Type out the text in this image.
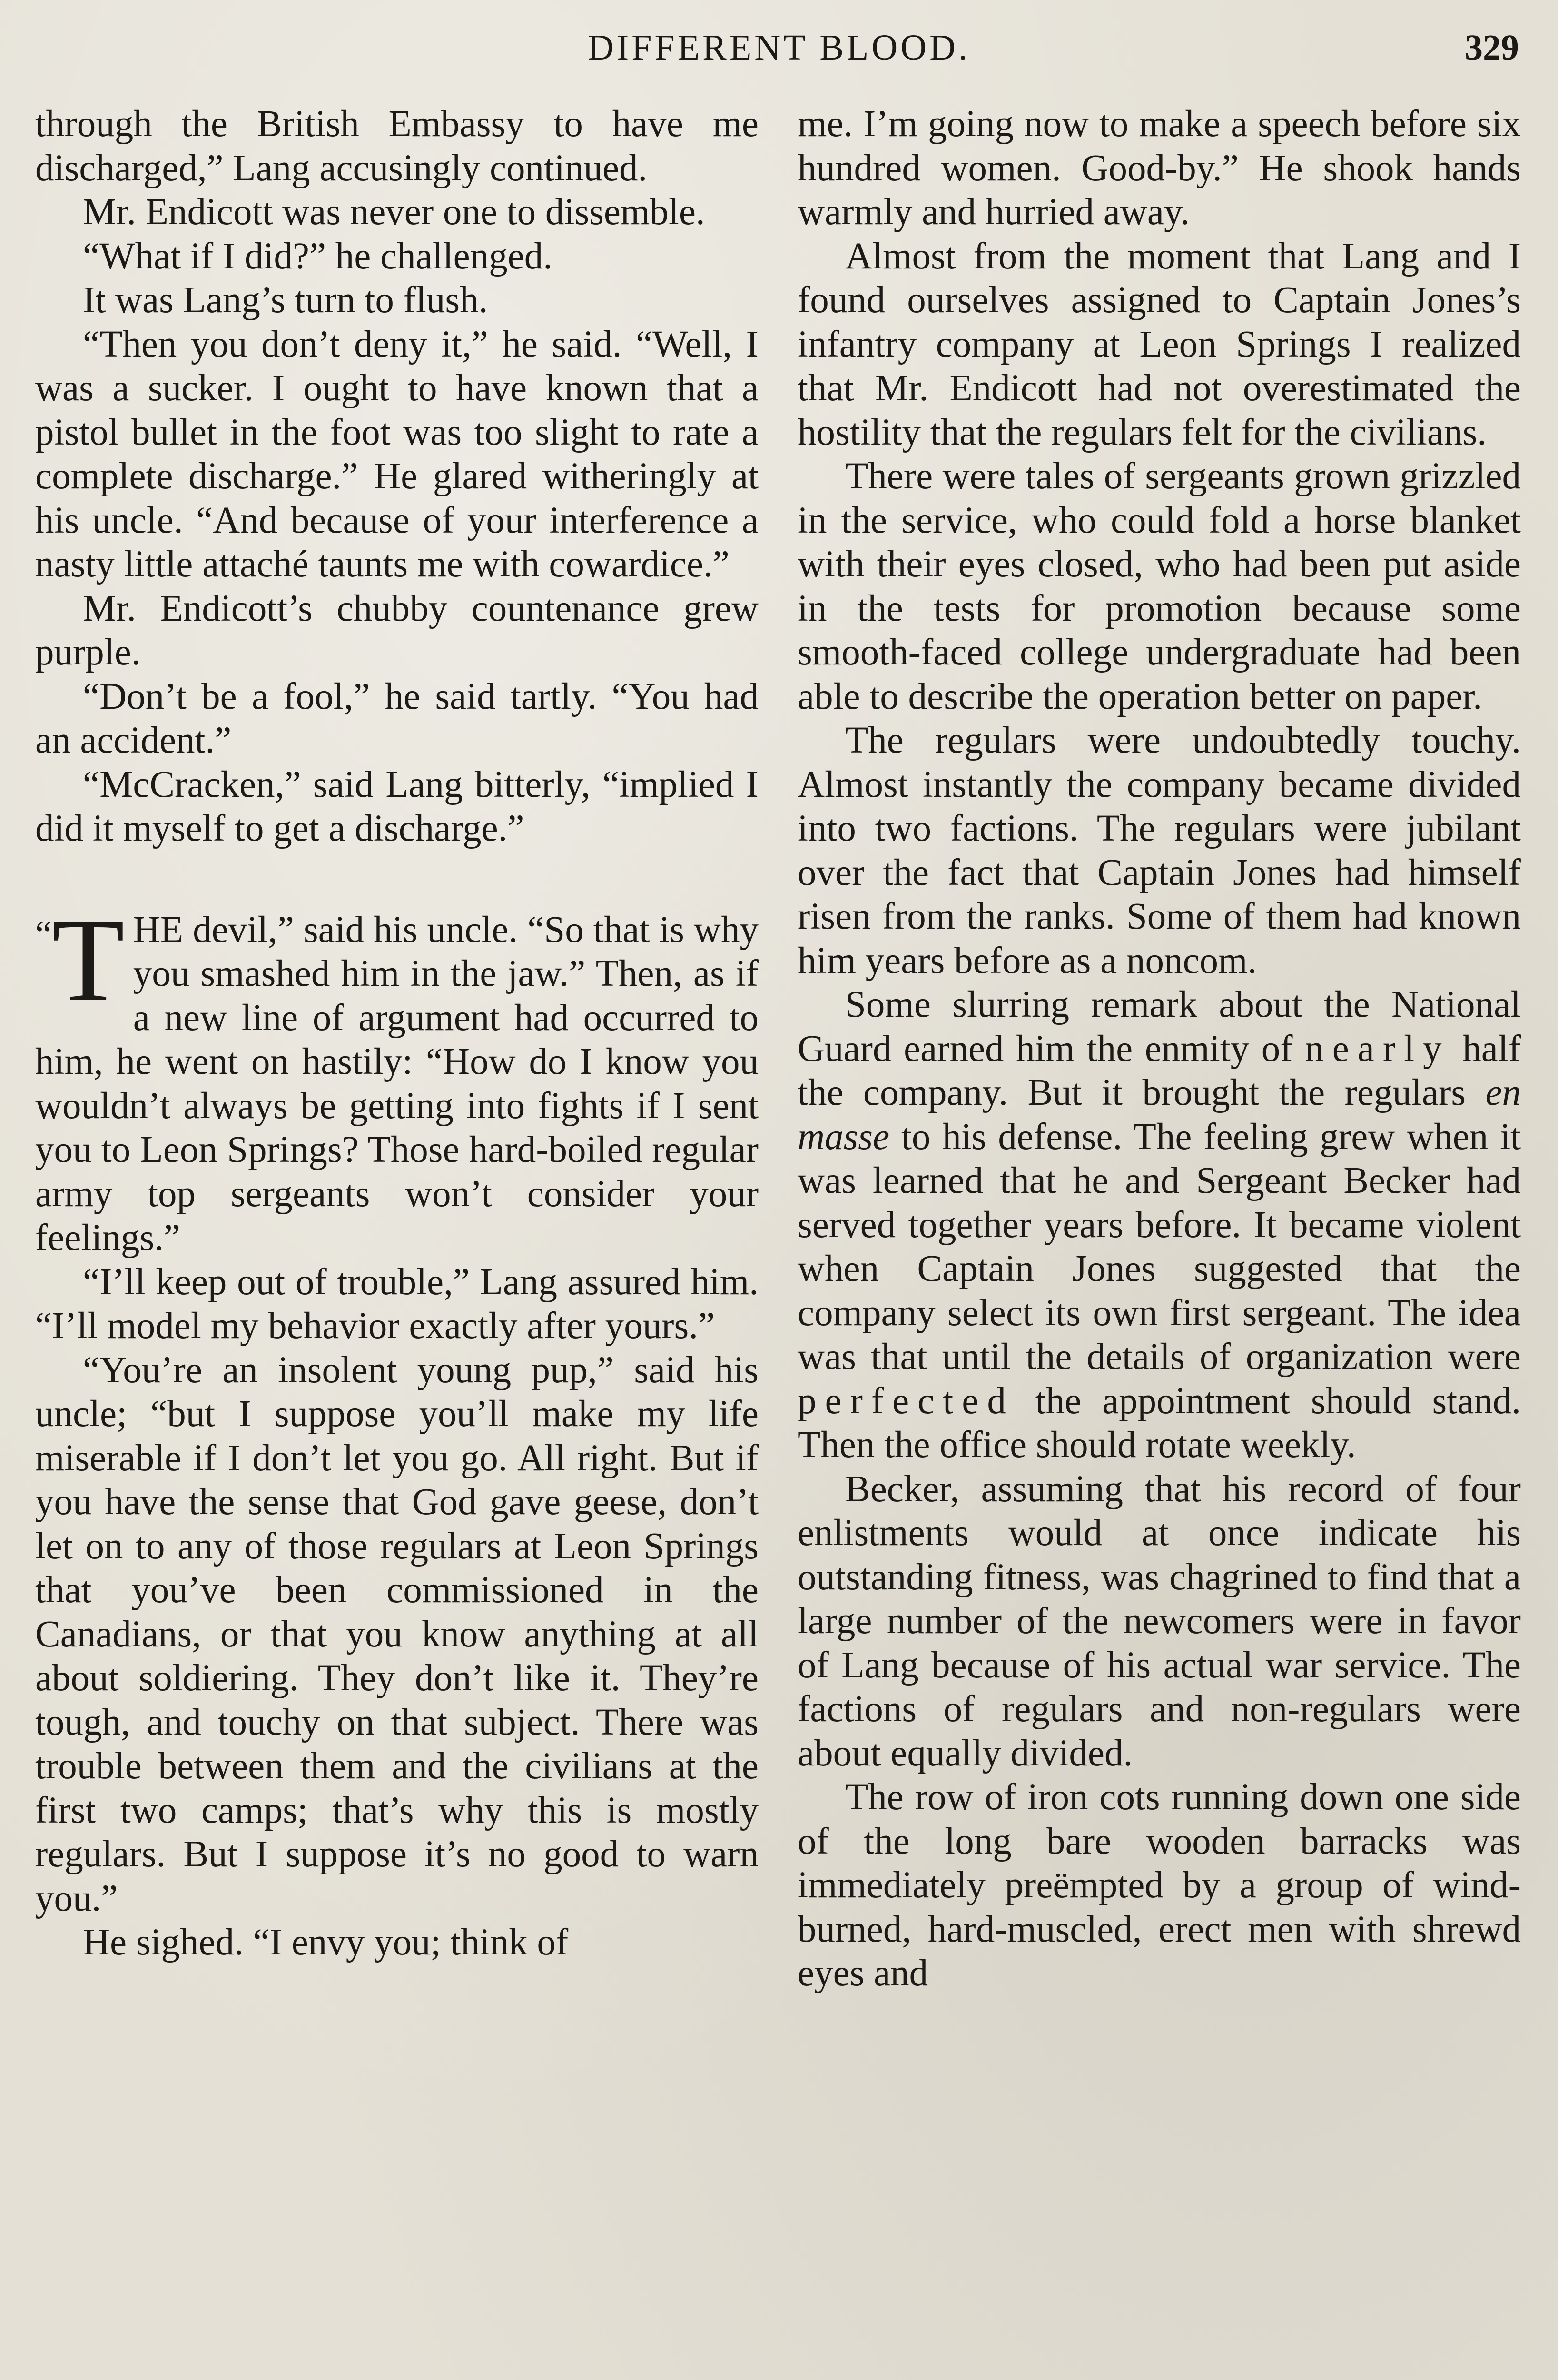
DIFFERENT BLOOD.	329

through the British Embassy to have me discharged,” Lang accusingly continued.

Mr. Endicott was never one to dissemble.

“What if I did?” he challenged.

It was Lang’s turn to flush.

“Then you don’t deny it,” he said. “Well, I was a sucker. I ought to have known that a pistol bullet in the foot was too slight to rate a complete discharge.” He glared witheringly at his uncle. “And because of your interference a nasty little attaché taunts me with cowardice.”

Mr. Endicott’s chubby countenance grew purple.

“Don’t be a fool,” he said tartly. “You had an accident.”

“McCracken,” said Lang bitterly, “implied I did it myself to get a discharge.”

“ T HE devil,” said his uncle. “So that is why you smashed him in the jaw.” Then, as if a new line of argument had occurred to him, he went on hastily: “How do I know you wouldn’t always be getting into fights if I sent you to Leon Springs? Those hard-boiled regular army top sergeants won’t consider your feelings.”

“I’ll keep out of trouble,” Lang assured him. “I’ll model my behavior exactly after yours.”

“You’re an insolent young pup,” said his uncle; “but I suppose you’ll make my life miserable if I don’t let you go. All right. But if you have the sense that God gave geese, don’t let on to any of those regulars at Leon Springs that you’ve been commissioned in the Canadians, or that you know anything at all about soldiering. They don’t like it. They’re tough, and touchy on that subject. There was trouble between them and the civilians at the first two camps; that’s why this is mostly regulars. But I suppose it’s no good to warn you.”

He sighed. “I envy you; think of

me. I’m going now to make a speech before six hundred women. Good-by.” He shook hands warmly and hurried away.

Almost from the moment that Lang and I found ourselves assigned to Captain Jones’s infantry company at Leon Springs I realized that Mr. Endicott had not overestimated the hostility that the regulars felt for the civilians.

There were tales of sergeants grown grizzled in the service, who could fold a horse blanket with their eyes closed, who had been put aside in the tests for promotion because some smooth-faced college undergraduate had been able to describe the operation better on paper.

The regulars were undoubtedly touchy. Almost instantly the company became divided into two factions. The regulars were jubilant over the fact that Captain Jones had himself risen from the ranks. Some of them had known him years before as a noncom.

Some slurring remark about the National Guard earned him the enmity of nearly half the company. But it brought the regulars en masse to his defense. The feeling grew when it was learned that he and Sergeant Becker had served together years before. It became violent when Captain Jones suggested that the company select its own first sergeant. The idea was that until the details of organization were perfected the appointment should stand. Then the office should rotate weekly.

Becker, assuming that his record of four enlistments would at once indicate his outstanding fitness, was chagrined to find that a large number of the newcomers were in favor of Lang because of his actual war service. The factions of regulars and non-regulars were about equally divided.

The row of iron cots running down one side of the long bare wooden barracks was immediately preëmpted by a group of wind-burned, hard-muscled, erect men with shrewd eyes and
